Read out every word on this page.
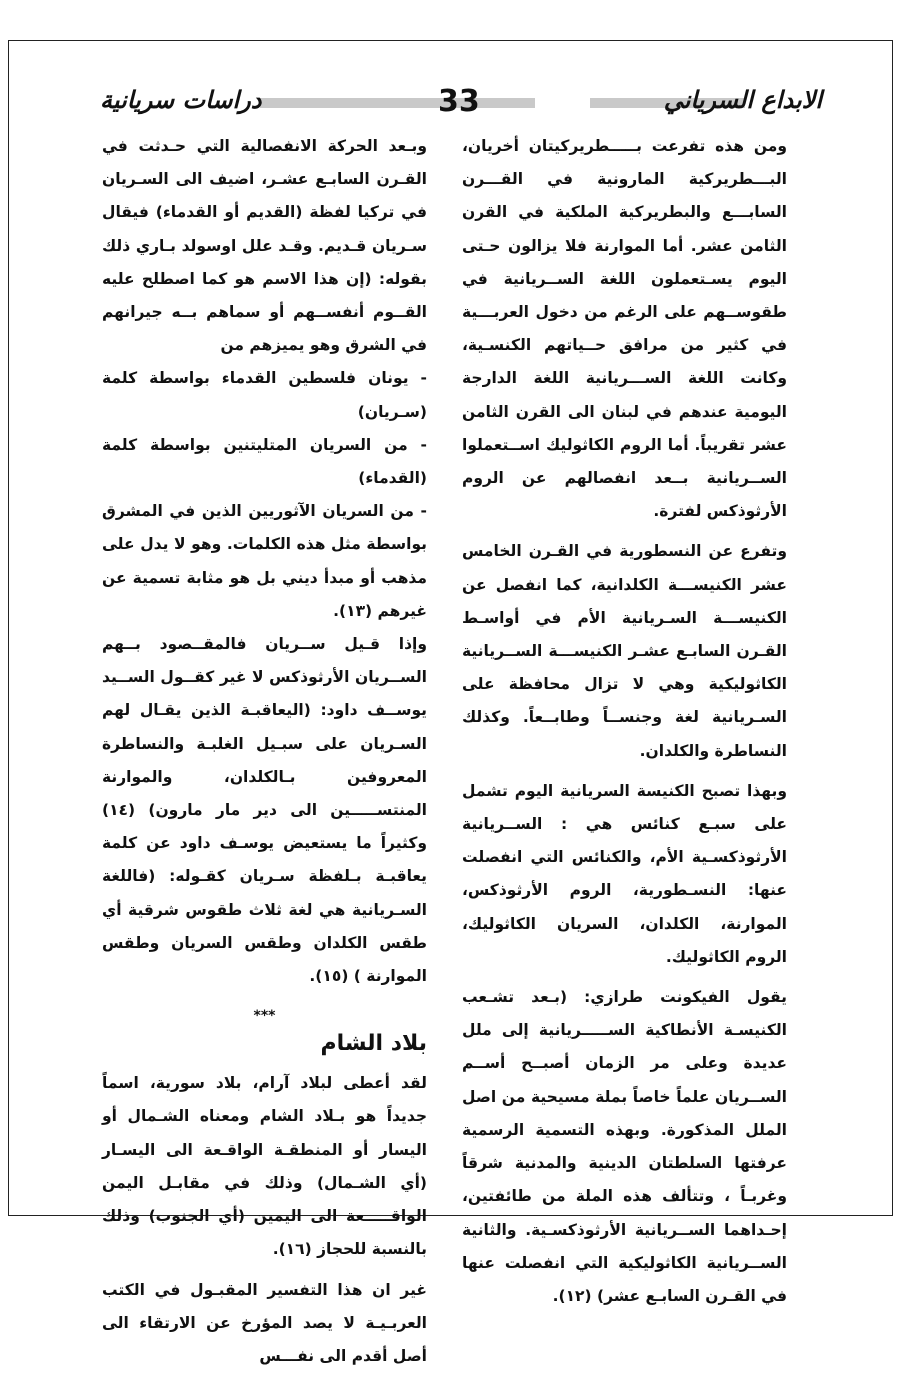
الابداع السرياني
33
دراسات سريانية

ومن هذه تفرعت بـــــطريركيتان أخريان، البـــطريركية المارونية في القـــرن السابـــع والبطريركية الملكية في القرن الثامن عشر. أما الموارنة فلا يزالون حـتى اليوم يسـتعملون اللغة الســريانية في طقوســهم على الرغم من دخول العربـــية في كثير من مرافق حــياتهم الكنسـية، وكانت اللغة الســـريانية اللغة الدارجة اليومية عندهم في لبنان الى القرن الثامن عشر تقريباً. أما الروم الكاثوليك اســتعملوا الســريانية بــعد انفصالهم عن الروم الأرثوذكس لفترة.

وتفرع عن النسطورية في القـرن الخامس عشر الكنيســـة الكلدانية، كما انفصل عن الكنيســـة السـريانية الأم في أواسـط القـرن السابـع عشـر الكنيســـة الســريانية الكاثوليكية وهي لا تزال محافظة على السـريانية لغة وجنســاً وطابــعاً. وكذلك النساطرة والكلدان.

وبهذا تصبح الكنيسة السريانية اليوم تشمل على سبـع كنائس هي : الســريانية الأرثوذكسـية الأم، والكنائس التي انفصلت عنها: النسـطورية، الروم الأرثوذكس، الموارنة، الكلدان، السريان الكاثوليك، الروم الكاثوليك.

يقول الفيكونت طرازي: (بـعد تشـعب الكنيسـة الأنطاكية الســـــريانية إلى ملل عديدة وعلى مر الزمان أصبــح أســم الســريان علماً خاصاً بملة مسيحية من اصل الملل المذكورة. وبهذه التسمية الرسمية عرفتها السلطتان الدينية والمدنية شرقاً وغربـاً ، وتتألف هذه الملة من طائفتين، إحـداهما الســريانية الأرثوذكسـية. والثانية الســريانية الكاثوليكية التي انفصلت عنها في القـرن السابـع عشر) (١٢).

وبـعد الحركة الانفصالية التي حـدثت في القـرن السابـع عشـر، اضيف الى السـريان في تركيا لفظة (القديم أو القدماء) فيقال سـريان قـديم. وقـد علل اوسولد بـاري ذلك بقوله: (إن هذا الاسم هو كما اصطلح عليه القــوم أنفســهم أو سماهم بــه جيرانهم في الشرق وهو يميزهم من

- يونان فلسطين القدماء بواسطة كلمة (سـريان)

- من السريان المتليتنين بواسطة كلمة (القدماء)

- من السريان الآثوريين الذين في المشرق بواسطة مثل هذه الكلمات. وهو لا يدل على مذهب أو مبدأ ديني بل هو مثابة تسمية عن غيرهم (١٣).

وإذا قـيل ســريان فالمقــصود بــهم الســريان الأرثوذكس لا غير كقــول الســيد يوســف داود: (اليعاقبـة الذين يقـال لهم السـريان على سبـيل الغلبـة والنساطرة المعروفين بـالكلدان، والموارنة المنتســـــين الى دير مار مارون) (١٤) وكثيراً ما يستعيض يوسـف داود عن كلمة يعاقبـة بـلفظة سـريان كقـوله: (فاللغة السـريانية هي لغة ثلاث طقوس شرقية أي طقس الكلدان وطقس السريان وطقس الموارنة ) (١٥).

***
بلاد الشام

لقد أعطى لبلاد آرام، بلاد سورية، اسماً جديداً هو بـلاد الشام ومعناه الشـمال أو اليسار أو المنطقـة الواقـعة الى اليسـار (أي الشـمال) وذلك في مقابـل اليمن الواقـــــعة الى اليمين (أي الجنوب) وذلك بالنسبة للحجاز (١٦).

غير ان هذا التفسير المقبـول في الكتب العربـيـة لا يصد المؤرخ عن الارتقاء الى أصل أقدم الى نفـــس
